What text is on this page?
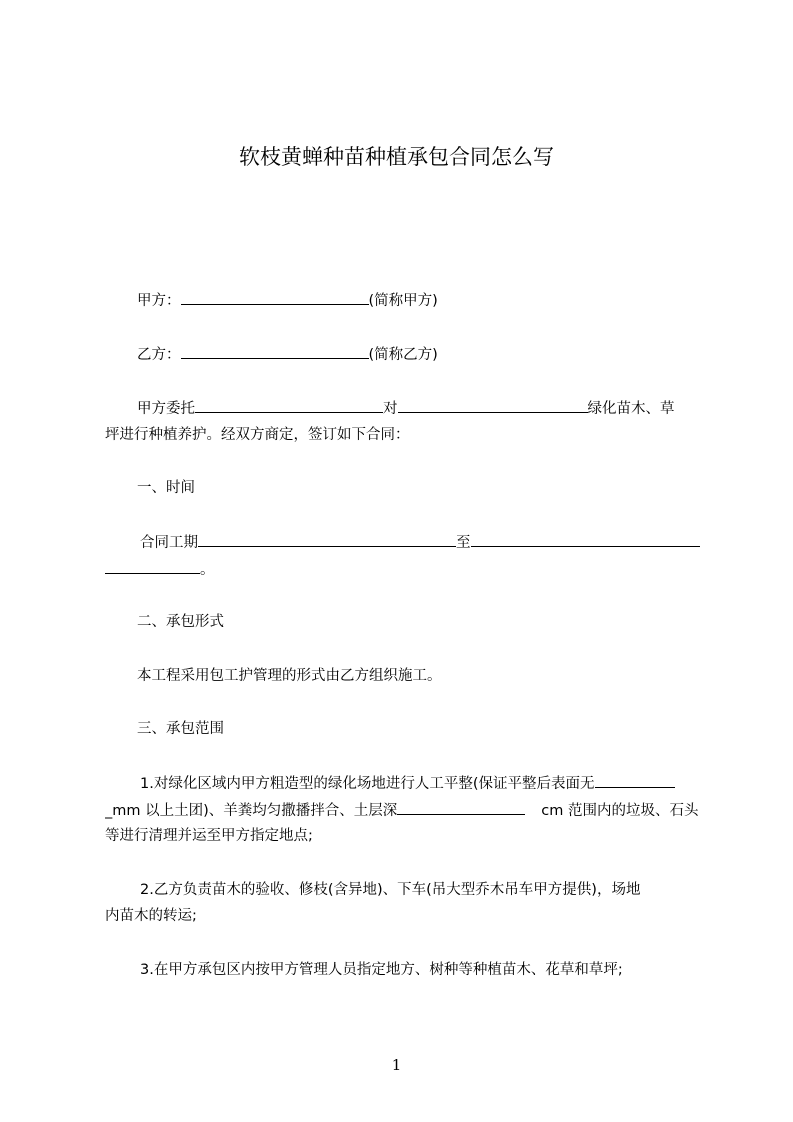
软枝黄蝉种苗种植承包合同怎么写
甲方：	(简称甲方)
乙方：	(简称乙方)
甲方委托	对	绿化苗木、草
坪进行种植养护。经双方商定，签订如下合同：
一、时间
合同工期	至
。
二、承包形式
本工程采用包工护管理的形式由乙方组织施工。
三、承包范围
1.对绿化区域内甲方粗造型的绿化场地进行人工平整(保证平整后表面无
_mm 以上土团)、羊粪均匀撒播拌合、土层深	cm 范围内的垃圾、石头
等进行清理并运至甲方指定地点;
2.乙方负责苗木的验收、修枝(含异地)、下车(吊大型乔木吊车甲方提供)，场地
内苗木的转运;
3.在甲方承包区内按甲方管理人员指定地方、树种等种植苗木、花草和草坪;
1
